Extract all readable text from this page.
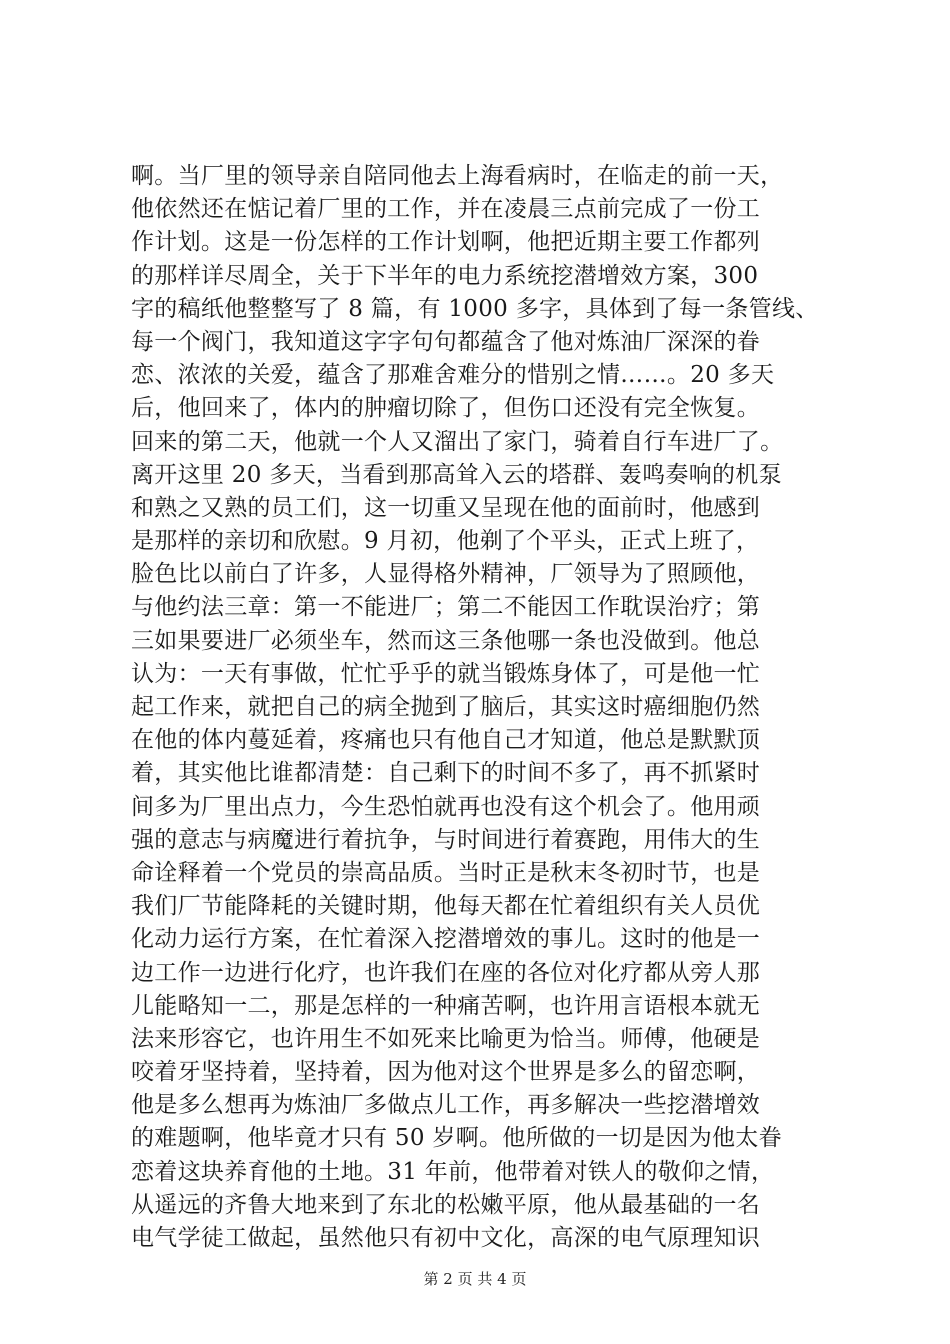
啊。当厂里的领导亲自陪同他去上海看病时，在临走的前一天，
他依然还在惦记着厂里的工作，并在凌晨三点前完成了一份工
作计划。这是一份怎样的工作计划啊，他把近期主要工作都列
的那样详尽周全，关于下半年的电力系统挖潜增效方案，300
字的稿纸他整整写了 8 篇，有 1000 多字，具体到了每一条管线、
每一个阀门，我知道这字字句句都蕴含了他对炼油厂深深的眷
恋、浓浓的关爱，蕴含了那难舍难分的惜别之情……。20 多天
后，他回来了，体内的肿瘤切除了，但伤口还没有完全恢复。
回来的第二天，他就一个人又溜出了家门，骑着自行车进厂了。
离开这里 20 多天，当看到那高耸入云的塔群、轰鸣奏响的机泵
和熟之又熟的员工们，这一切重又呈现在他的面前时，他感到
是那样的亲切和欣慰。9 月初，他剃了个平头，正式上班了，
脸色比以前白了许多，人显得格外精神，厂领导为了照顾他，
与他约法三章：第一不能进厂；第二不能因工作耽误治疗；第
三如果要进厂必须坐车，然而这三条他哪一条也没做到。他总
认为：一天有事做，忙忙乎乎的就当锻炼身体了，可是他一忙
起工作来，就把自己的病全抛到了脑后，其实这时癌细胞仍然
在他的体内蔓延着，疼痛也只有他自己才知道，他总是默默顶
着，其实他比谁都清楚：自己剩下的时间不多了，再不抓紧时
间多为厂里出点力，今生恐怕就再也没有这个机会了。他用顽
强的意志与病魔进行着抗争，与时间进行着赛跑，用伟大的生
命诠释着一个党员的崇高品质。当时正是秋末冬初时节，也是
我们厂节能降耗的关键时期，他每天都在忙着组织有关人员优
化动力运行方案，在忙着深入挖潜增效的事儿。这时的他是一
边工作一边进行化疗，也许我们在座的各位对化疗都从旁人那
儿能略知一二，那是怎样的一种痛苦啊，也许用言语根本就无
法来形容它，也许用生不如死来比喻更为恰当。师傅，他硬是
咬着牙坚持着，坚持着，因为他对这个世界是多么的留恋啊，
他是多么想再为炼油厂多做点儿工作，再多解决一些挖潜增效
的难题啊，他毕竟才只有 50 岁啊。他所做的一切是因为他太眷
恋着这块养育他的土地。31 年前，他带着对铁人的敬仰之情，
从遥远的齐鲁大地来到了东北的松嫩平原，他从最基础的一名
电气学徒工做起，虽然他只有初中文化，高深的电气原理知识
第 2 页 共 4 页
